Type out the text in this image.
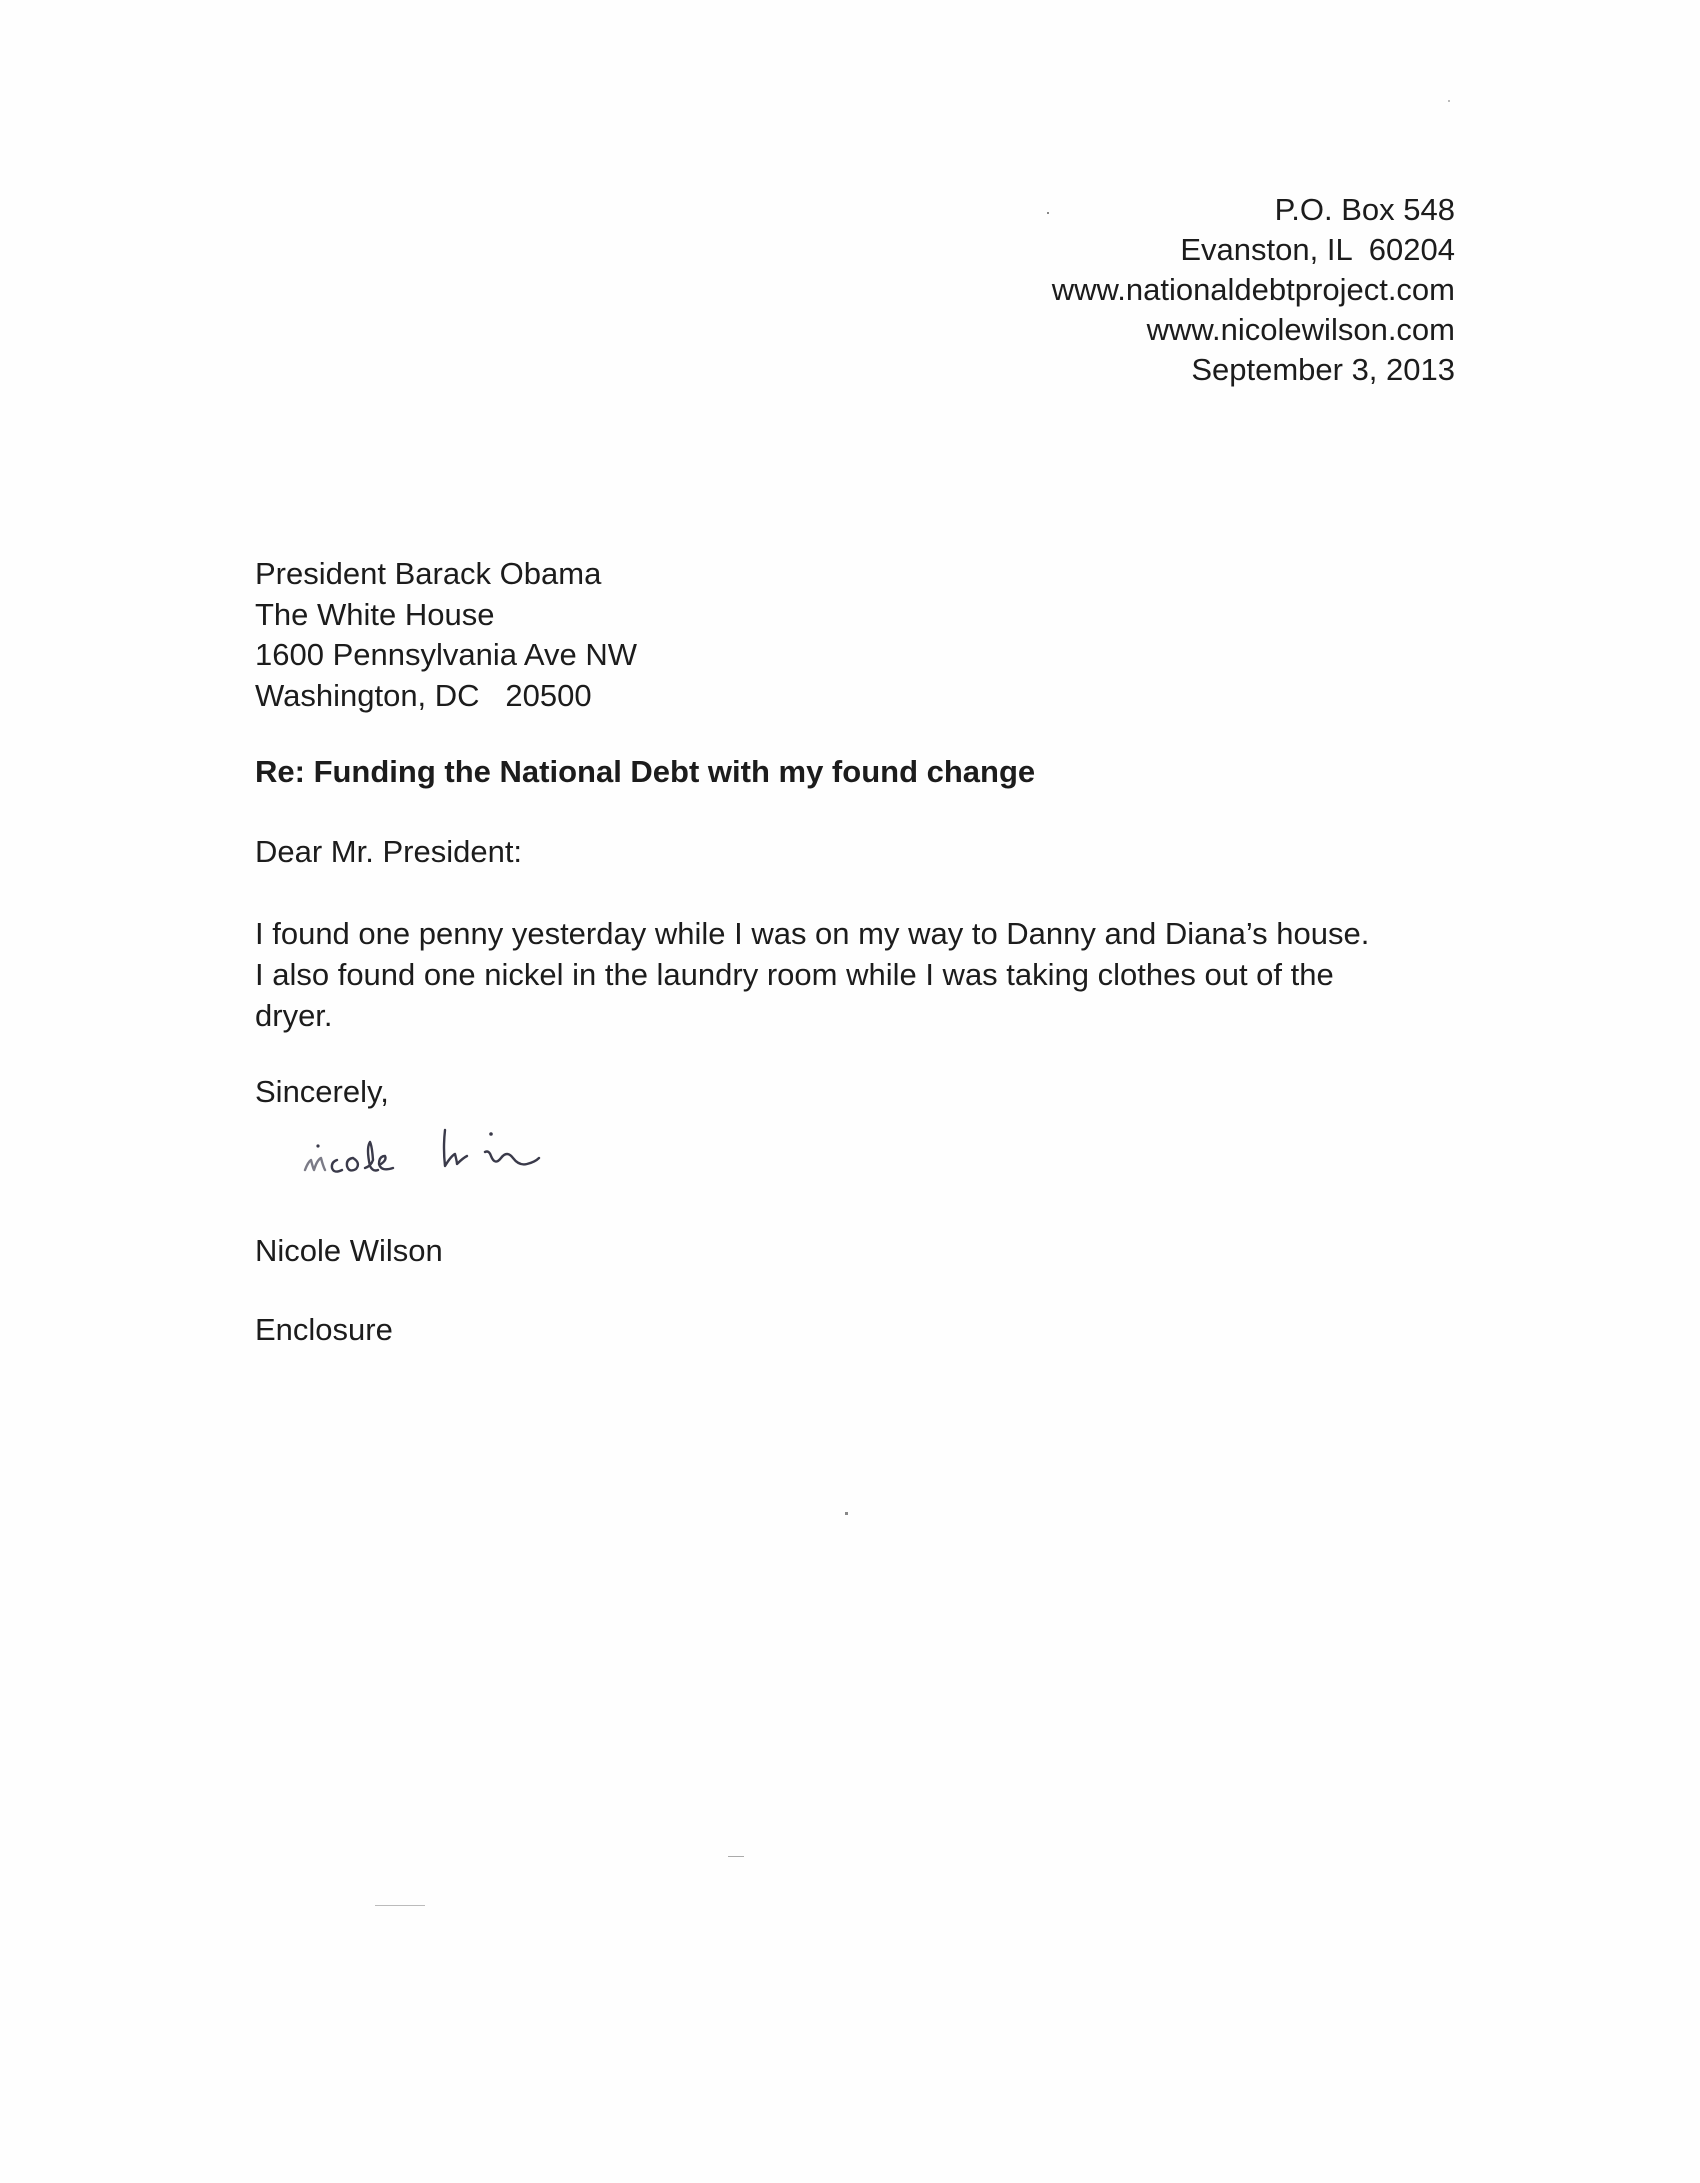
P.O. Box 548
Evanston, IL  60204
www.nationaldebtproject.com
www.nicolewilson.com
September 3, 2013
President Barack Obama
The White House
1600 Pennsylvania Ave NW
Washington, DC   20500
Re: Funding the National Debt with my found change
Dear Mr. President:
I found one penny yesterday while I was on my way to Danny and Diana’s house.
I also found one nickel in the laundry room while I was taking clothes out of the
dryer.
Sincerely,
Nicole Wilson
Enclosure
